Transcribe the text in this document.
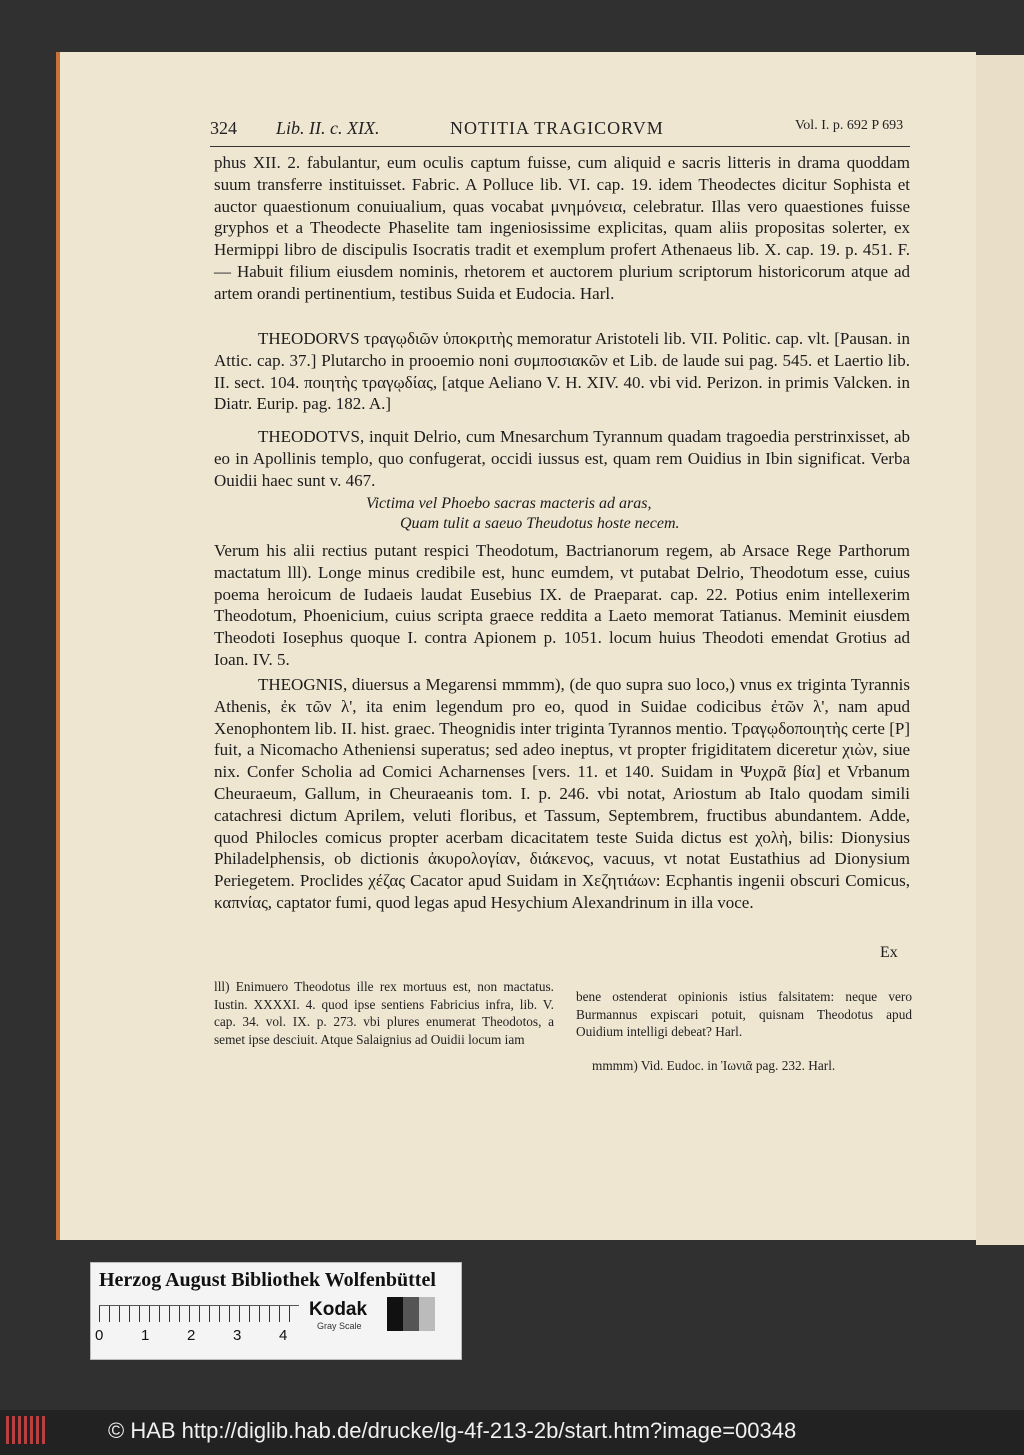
324 Lib. II. c. XIX.	NOTITIA TRAGICORVM	Vol. I. p. 692 P 693
phus XII. 2. fabulantur, eum oculis captum fuisse, cum aliquid e sacris litteris in drama quoddam suum transferre instituisset. Fabric. A Polluce lib. VI. cap. 19. idem Theodectes dicitur Sophista et auctor quaestionum conuiualium, quas vocabat μνημόνεια, celebratur. Illas vero quaestiones fuisse gryphos et a Theodecte Phaselite tam ingeniosissime explicitas, quam aliis propositas solerter, ex Hermippi libro de discipulis Isocratis tradit et exemplum profert Athenaeus lib. X. cap. 19. p. 451. F. — Habuit filium eiusdem nominis, rhetorem et auctorem plurium scriptorum historicorum atque ad artem orandi pertinentium, testibus Suida et Eudocia. Harl.
THEODORVS τραγῳδιῶν ὑποκριτὴς memoratur Aristoteli lib. VII. Politic. cap. vlt. [Pausan. in Attic. cap. 37.] Plutarcho in prooemio noni συμποσιακῶν et Lib. de laude sui pag. 545. et Laertio lib. II. sect. 104. ποιητὴς τραγῳδίας, [atque Aeliano V. H. XIV. 40. vbi vid. Perizon. in primis Valcken. in Diatr. Eurip. pag. 182. A.]
THEODOTVS, inquit Delrio, cum Mnesarchum Tyrannum quadam tragoedia perstrinxisset, ab eo in Apollinis templo, quo confugerat, occidi iussus est, quam rem Ouidius in Ibin significat. Verba Ouidii haec sunt v. 467.
Victima vel Phoebo sacras macteris ad aras,
Quam tulit a saeuo Theudotus hoste necem.
Verum his alii rectius putant respici Theodotum, Bactrianorum regem, ab Arsace Rege Parthorum mactatum lll). Longe minus credibile est, hunc eumdem, vt putabat Delrio, Theodotum esse, cuius poema heroicum de Iudaeis laudat Eusebius IX. de Praeparat. cap. 22. Potius enim intellexerim Theodotum, Phoenicium, cuius scripta graece reddita a Laeto memorat Tatianus. Meminit eiusdem Theodoti Iosephus quoque I. contra Apionem p. 1051. locum huius Theodoti emendat Grotius ad Ioan. IV. 5.
THEOGNIS, diuersus a Megarensi mmmm), (de quo supra suo loco,) vnus ex triginta Tyrannis Athenis, ἐκ τῶν λ', ita enim legendum pro eo, quod in Suidae codicibus ἐτῶν λ', nam apud Xenophontem lib. II. hist. graec. Theognidis inter triginta Tyrannos mentio. Τραγῳδοποιητὴς certe [P] fuit, a Nicomacho Atheniensi superatus; sed adeo ineptus, vt propter frigiditatem diceretur χιὼν, siue nix. Confer Scholia ad Comici Acharnenses [vers. 11. et 140. Suidam in Ψυχρᾶ βία] et Vrbanum Cheuraeum, Gallum, in Cheuraeanis tom. I. p. 246. vbi notat, Ariostum ab Italo quodam simili catachresi dictum Aprilem, veluti floribus, et Tassum, Septembrem, fructibus abundantem. Adde, quod Philocles comicus propter acerbam dicacitatem teste Suida dictus est χολὴ, bilis: Dionysius Philadelphensis, ob dictionis ἀκυρολογίαν, διάκενος, vacuus, vt notat Eustathius ad Dionysium Periegetem. Proclides χέζας Cacator apud Suidam in Χεζητιάων: Ecphantis ingenii obscuri Comicus, καπνίας, captator fumi, quod legas apud Hesychium Alexandrinum in illa voce.
Ex
lll) Enimuero Theodotus ille rex mortuus est, non mactatus. Iustin. XXXXI. 4. quod ipse sentiens Fabricius infra, lib. V. cap. 34. vol. IX. p. 273. vbi plures enumerat Theodotos, a semet ipse desciuit. Atque Salaignius ad Ouidii locum iam
bene ostenderat opinionis istius falsitatem: neque vero Burmannus expiscari potuit, quisnam Theodotus apud Ouidium intelligi debeat? Harl.
mmmm) Vid. Eudoc. in Ἰωνιᾶ pag. 232. Harl.
Herzog August Bibliothek Wolfenbüttel
0	1	2	3	4
Kodak
Gray Scale
© HAB http://diglib.hab.de/drucke/lg-4f-213-2b/start.htm?image=00348
